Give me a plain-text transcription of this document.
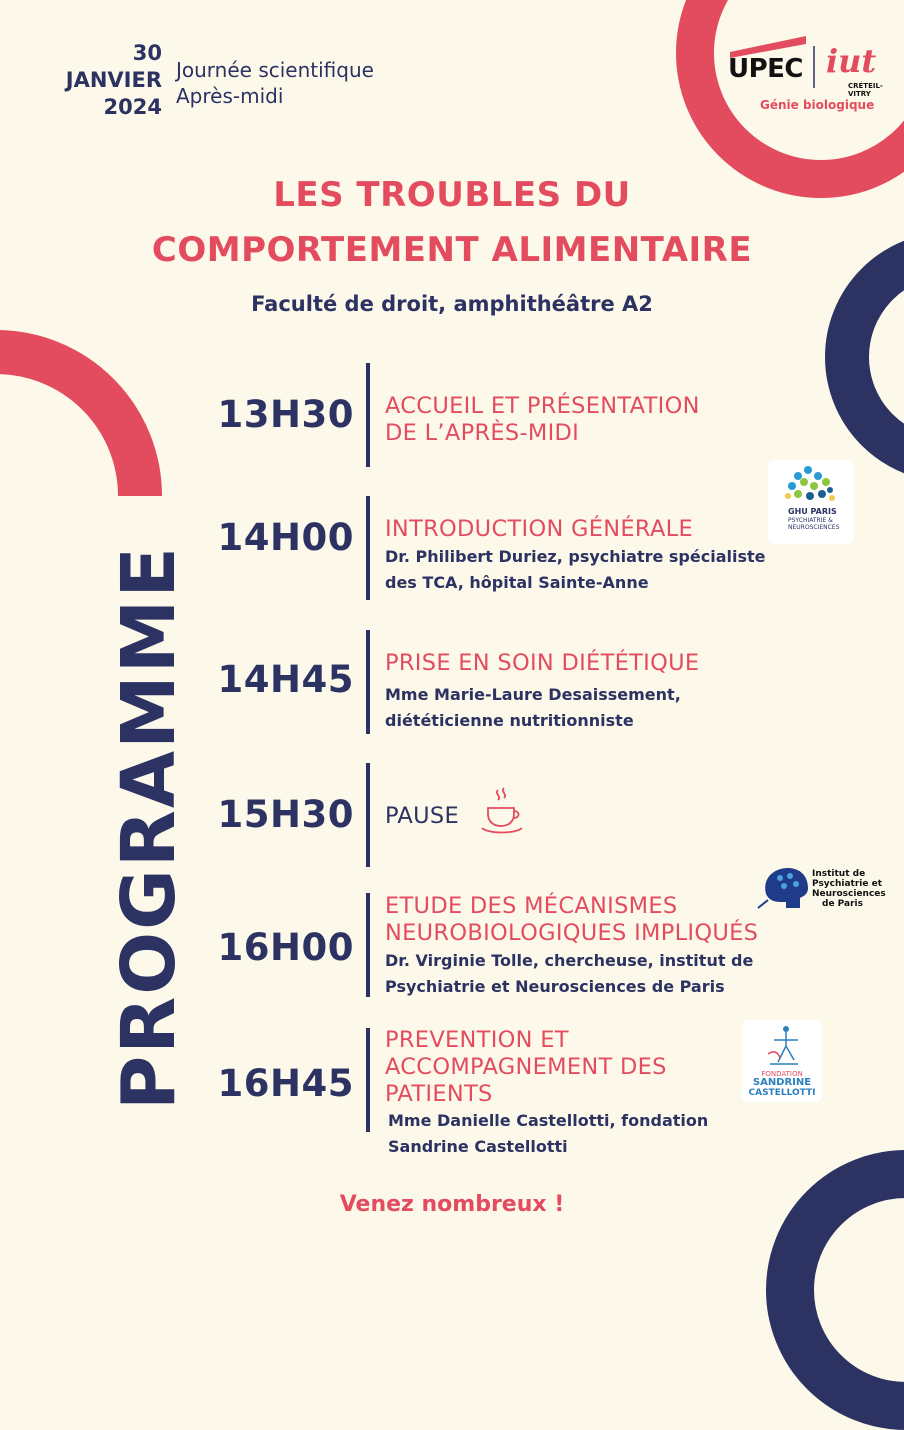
30
JANVIER
2024
Journée scientifique
Après-midi
UPEC iut
CRÉTEIL-VITRY
Génie biologique
LES TROUBLES DU
COMPORTEMENT ALIMENTAIRE
Faculté de droit, amphithéâtre A2
PROGRAMME
13H30 ACCUEIL ET PRÉSENTATION
DE L’APRÈS-MIDI
14H00 INTRODUCTION GÉNÉRALE
Dr. Philibert Duriez, psychiatre spécialiste
des TCA, hôpital Sainte-Anne
14H45 PRISE EN SOIN DIÉTÉTIQUE
Mme Marie-Laure Desaissement,
diététicienne nutritionniste
15H30 PAUSE
16H00
ETUDE DES MÉCANISMES
NEUROBIOLOGIQUES IMPLIQUÉS
Dr. Virginie Tolle, chercheuse, institut de
Psychiatrie et Neurosciences de Paris
16H45
PREVENTION ET
ACCOMPAGNEMENT DES
PATIENTS
Mme Danielle Castellotti, fondation
Sandrine Castellotti
GHU PARIS
PSYCHIATRIE &
NEUROSCIENCES
Institut de
Psychiatrie et
Neurosciences
de Paris
FONDATION
SANDRINE
CASTELLOTTI
Venez nombreux !
